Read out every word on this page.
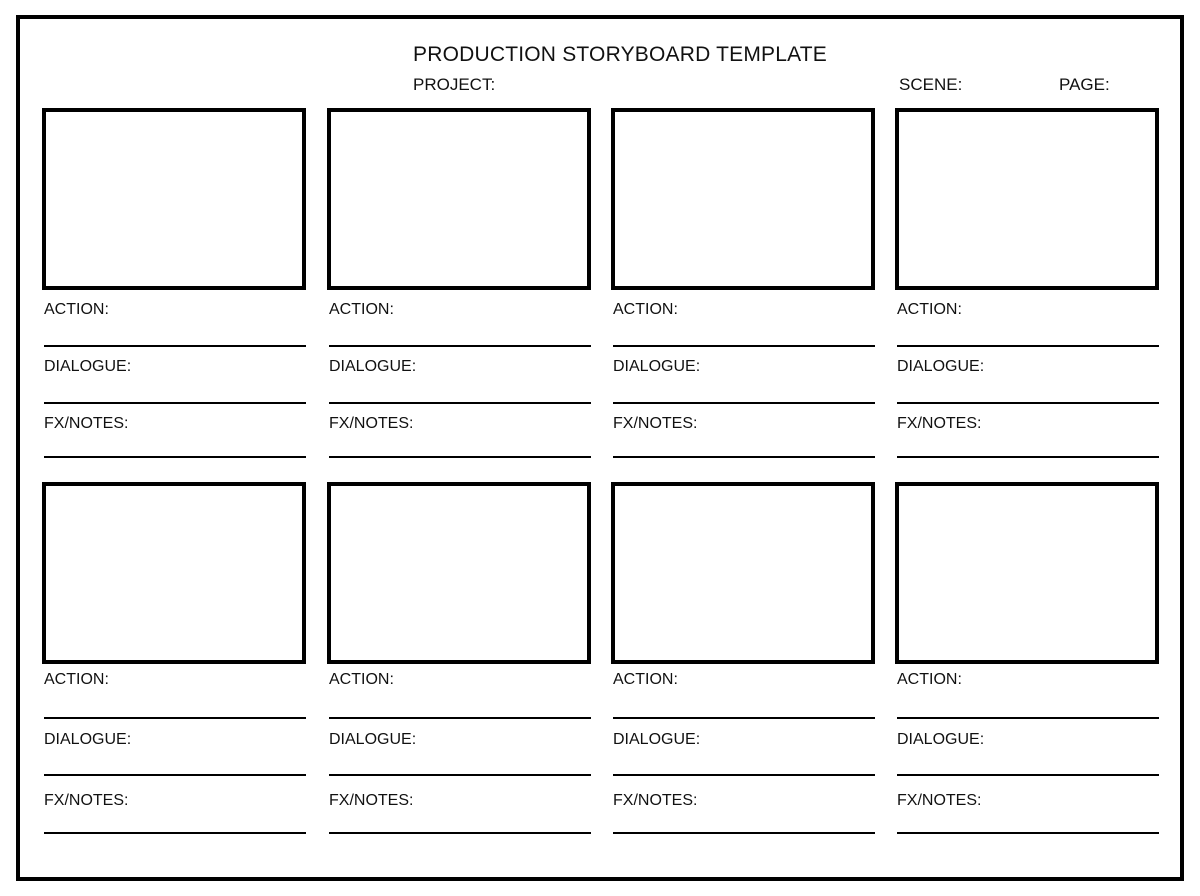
PRODUCTION STORYBOARD TEMPLATE
PROJECT:	SCENE:	PAGE:
ACTION:
DIALOGUE:
FX/NOTES:
ACTION:
DIALOGUE:
FX/NOTES:
ACTION:
DIALOGUE:
FX/NOTES:
ACTION:
DIALOGUE:
FX/NOTES:
ACTION:
DIALOGUE:
FX/NOTES:
ACTION:
DIALOGUE:
FX/NOTES:
ACTION:
DIALOGUE:
FX/NOTES:
ACTION:
DIALOGUE:
FX/NOTES:
